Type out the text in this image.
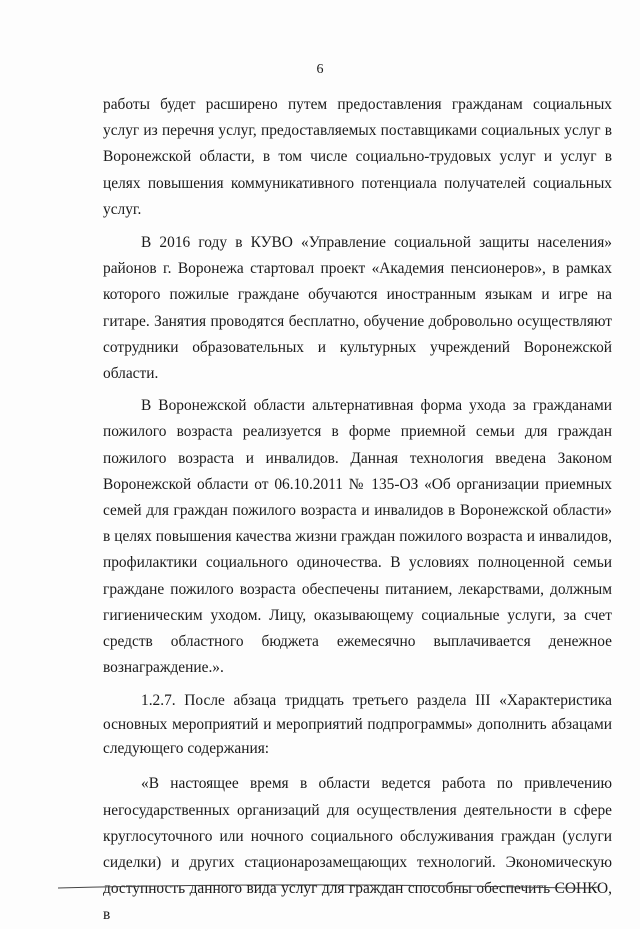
6

работы будет расширено путем предоставления гражданам социальных услуг из перечня услуг, предоставляемых поставщиками социальных услуг в Воронежской области, в том числе социально-трудовых услуг и услуг в целях повышения коммуникативного потенциала получателей социальных услуг.

В 2016 году в КУВО «Управление социальной защиты населения» районов г. Воронежа стартовал проект «Академия пенсионеров», в рамках которого пожилые граждане обучаются иностранным языкам и игре на гитаре. Занятия проводятся бесплатно, обучение добровольно осуществляют сотрудники образовательных и культурных учреждений Воронежской области.

В Воронежской области альтернативная форма ухода за гражданами пожилого возраста реализуется в форме приемной семьи для граждан пожилого возраста и инвалидов. Данная технология введена Законом Воронежской области от 06.10.2011 № 135-ОЗ «Об организации приемных семей для граждан пожилого возраста и инвалидов в Воронежской области» в целях повышения качества жизни граждан пожилого возраста и инвалидов, профилактики социального одиночества. В условиях полноценной семьи граждане пожилого возраста обеспечены питанием, лекарствами, должным гигиеническим уходом. Лицу, оказывающему социальные услуги, за счет средств областного бюджета ежемесячно выплачивается денежное вознаграждение.».

1.2.7. После абзаца тридцать третьего раздела III «Характеристика основных мероприятий и мероприятий подпрограммы» дополнить абзацами следующего содержания:

«В настоящее время в области ведется работа по привлечению негосударственных организаций для осуществления деятельности в сфере круглосуточного или ночного социального обслуживания граждан (услуги сиделки) и других стационарозамещающих технологий. Экономическую доступность данного вида услуг для граждан способны обеспечить СОНКО, в
